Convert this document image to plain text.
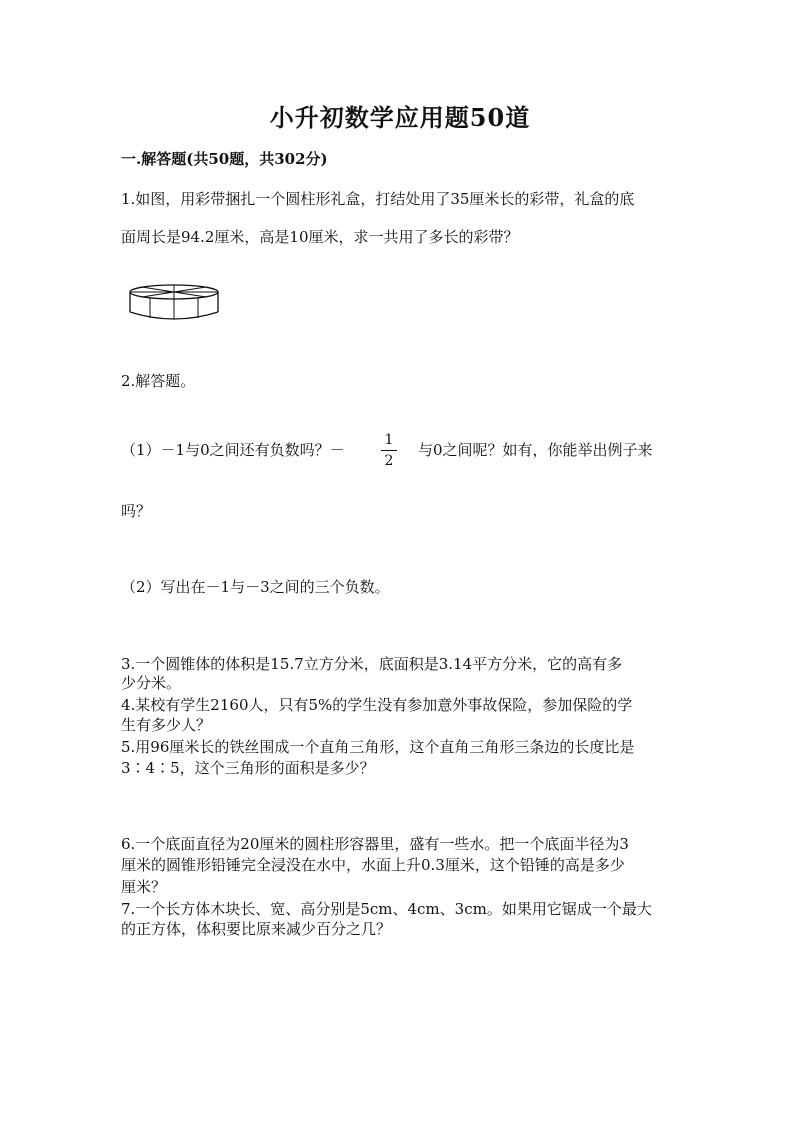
小升初数学应用题50道
一.解答题(共50题，共302分)
1.如图，用彩带捆扎一个圆柱形礼盒，打结处用了35厘米长的彩带，礼盒的底
面周长是94.2厘米，高是10厘米，求一共用了多长的彩带？
2.解答题。
（1）－1与0之间还有负数吗？－
1
2
与0之间呢？如有，你能举出例子来
吗？
（2）写出在－1与－3之间的三个负数。
3.一个圆锥体的体积是15.7立方分米，底面积是3.14平方分米，它的高有多
少分米。
4.某校有学生2160人，只有5%的学生没有参加意外事故保险，参加保险的学
生有多少人？
5.用96厘米长的铁丝围成一个直角三角形，这个直角三角形三条边的长度比是
3∶4∶5，这个三角形的面积是多少？
6.一个底面直径为20厘米的圆柱形容器里，盛有一些水。把一个底面半径为3
厘米的圆锥形铅锤完全浸没在水中，水面上升0.3厘米，这个铅锤的高是多少
厘米？
7.一个长方体木块长、宽、高分别是5cm、4cm、3cm。如果用它锯成一个最大
的正方体，体积要比原来减少百分之几？
